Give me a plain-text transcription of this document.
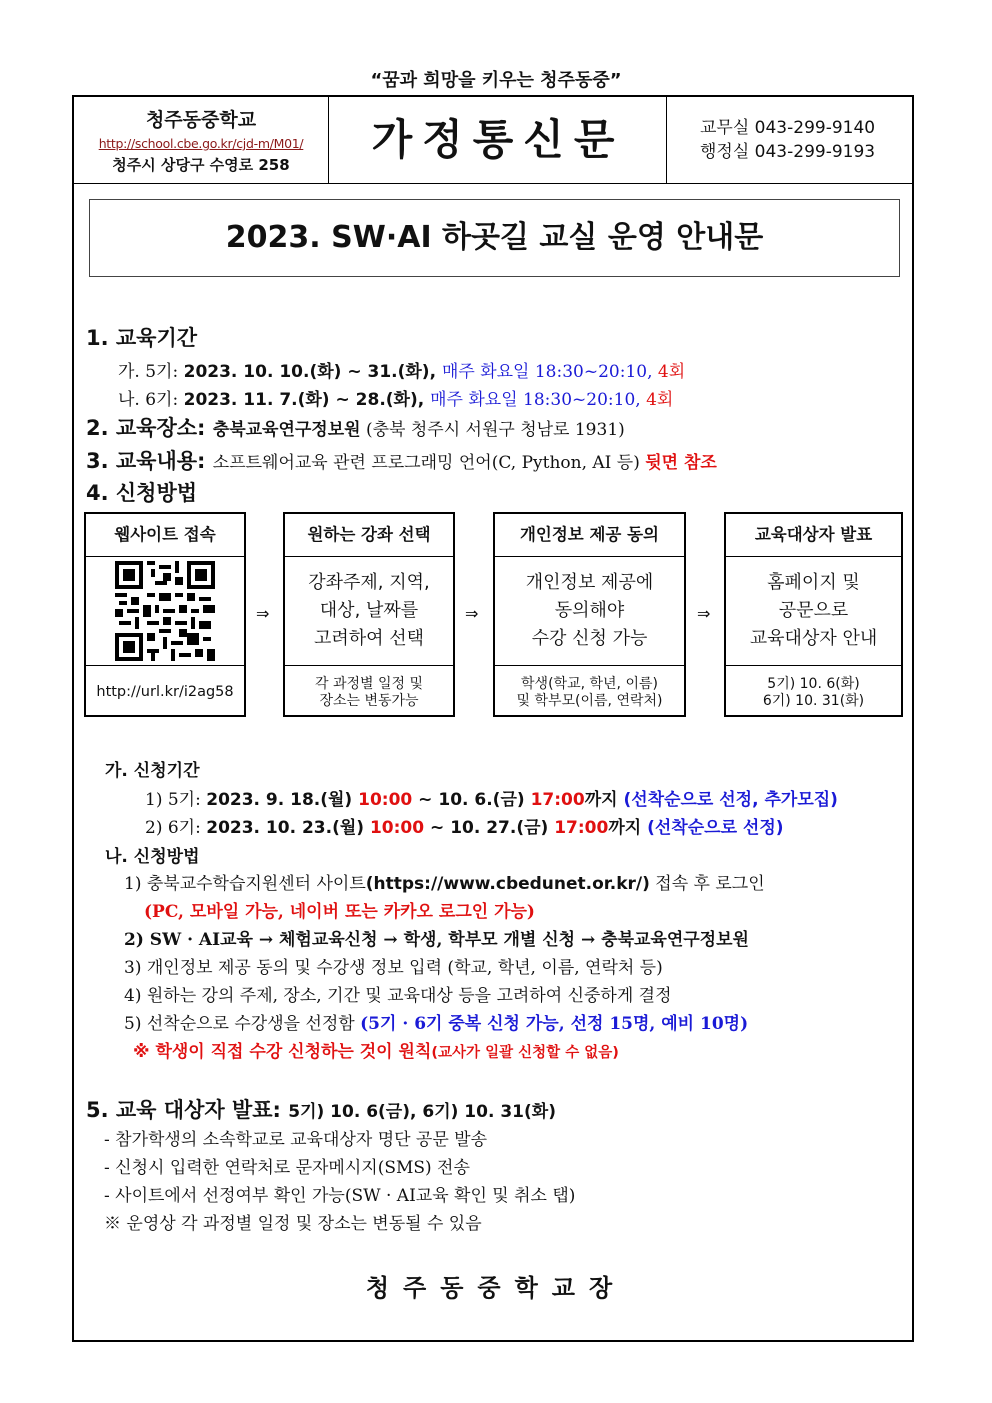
“꿈과 희망을 키우는 청주동중”
청주동중학교
http://school.cbe.go.kr/cjd-m/M01/
청주시 상당구 수영로 258
가정통신문	교무실 043-299-9140
행정실 043-299-9193
2023. SW·AI 하곳길 교실 운영 안내문
1. 교육기간
가. 5기: 2023. 10. 10.(화) ~ 31.(화), 매주 화요일 18:30~20:10, 4회
나. 6기: 2023. 11. 7.(화) ~ 28.(화), 매주 화요일 18:30~20:10, 4회
2. 교육장소: 충북교육연구정보원 (충북 청주시 서원구 청남로 1931)
3. 교육내용: 소프트웨어교육 관련 프로그래밍 언어(C, Python, AI 등) 뒷면 참조
4. 신청방법
웹사이트 접속
http://url.kr/i2ag58
⇒
원하는 강좌 선택
강좌주제, 지역,
대상, 날짜를
고려하여 선택
각 과정별 일정 및
장소는 변동가능
⇒
개인정보 제공 동의
개인정보 제공에
동의해야
수강 신청 가능
학생(학교, 학년, 이름)
및 학부모(이름, 연락처)
⇒
교육대상자 발표
홈페이지 및
공문으로
교육대상자 안내
5기) 10. 6(화)
6기) 10. 31(화)
가. 신청기간
1) 5기: 2023. 9. 18.(월) 10:00 ~ 10. 6.(금) 17:00까지 (선착순으로 선정, 추가모집)
2) 6기: 2023. 10. 23.(월) 10:00 ~ 10. 27.(금) 17:00까지 (선착순으로 선정)
나. 신청방법
1) 충북교수학습지원센터 사이트(https://www.cbedunet.or.kr/) 접속 후 로그인
(PC, 모바일 가능, 네이버 또는 카카오 로그인 가능)
2) SW · AI교육 → 체험교육신청 → 학생, 학부모 개별 신청 → 충북교육연구정보원
3) 개인정보 제공 동의 및 수강생 정보 입력 (학교, 학년, 이름, 연락처 등)
4) 원하는 강의 주제, 장소, 기간 및 교육대상 등을 고려하여 신중하게 결정
5) 선착순으로 수강생을 선정함 (5기 · 6기 중복 신청 가능, 선정 15명, 예비 10명)
※ 학생이 직접 수강 신청하는 것이 원칙(교사가 일괄 신청할 수 없음)
5. 교육 대상자 발표: 5기) 10. 6(금), 6기) 10. 31(화)
- 참가학생의 소속학교로 교육대상자 명단 공문 발송
- 신청시 입력한 연락처로 문자메시지(SMS) 전송
- 사이트에서 선정여부 확인 가능(SW · AI교육 확인 및 취소 탭)
※ 운영상 각 과정별 일정 및 장소는 변동될 수 있음
청주동중학교장
